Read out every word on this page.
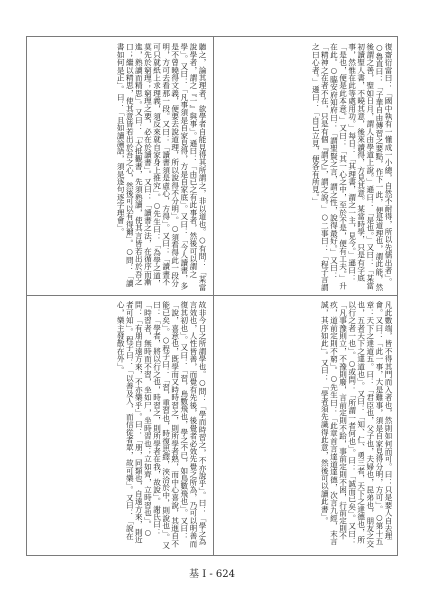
復齋衍當曰：「國中執有一懂成一小總，自然不耐得，所以先儒出者」。○魯直曰：「子華自由傳習之要點，作下一此，便是道理也，謂此能，然後謂之善，聖如日月，謂人由學道上說。」遜曰：「是也。」又曰：「某當初讀聖人書，不曉其意，後來讀得，方見其意。某當時學，只是有字底事，然惟在此等處用功。」每日：「其理書，謂之一主，見今。」遜曰：「是也，便是此本意。」又曰：「其一心之中，至於不是，便有工夫。」升在此。○臨安府知府曰：「謂聖賢之言，謂之性，說得最好。」又曰：「精神之在者不在，只是有個『謂之』，謂之說。」○二事曰：「程子言謂之曰心者。」遜曰：「自己立見，便各有所見。」
聽之，論其理者，欲學者自能見得其所謂之，非以道也。○有問：「某當說學者，謂之『一』與事」。遜曰：「由已之有此事者，然後可以謂之學」。又曰：「凡事須是自家見得，方是自家底」。又曰：「今人讀書，多是不曾曉得文義，便要去說道理，所以說得不分明」。○須看得此一段分明，方可去看那一段。又曰：「讀書須是虛心，方得」。又曰：「讀書不可只就紙上求理義，須反來就自家身上推究」。○先生曰：「為學之道，莫先於窮理；窮理之要，必在於讀書」。又曰：「讀書之法，在循序而漸進，熟讀而精思」。又曰：「大抵觀書，先須熟讀，使其言皆若出於吾之口；繼以精思，使其意皆若出於吾之心，然後可以有得爾」。○問：「讀書如何是正」。曰：「且如讀論語，須是逐句逐字理會」。
凡此數端，皆不得其門而入者也，然則如何而可。曰：只是要人自去理會。又曰：「此一事，大是難事，須是自家見得分明，方可」。○第十五章：天下之達道五。曰：「君臣也，父子也，夫婦也，昆弟也，朋友之交也，五者天下之達道也」。又曰：「知、仁、勇三者，天下之達德也，所以行之者一也」。○或問：「所謂一者何也」。曰：「誠而已矣」。又曰：「凡事豫則立，不豫則廢，言前定則不跲，事前定則不困，行前定則不疚，道前定則不窮」。○先生曰：「此章首言達道達德，次言九經，末言誠，其序如此」。又曰：「學者須先識得此意，然後可以讀此書」。
故非今日之所謂學也。○問：「學而時習之，不亦說乎」。曰：「學之為言效也，人性皆善，而覺有先後，後覺者必效先覺之所為，乃可以明善而復其初也」。又曰：「習，鳥數飛也，學之不已，如鳥數飛也」。又曰：「說，喜意也，既學而又時時習之，則所學者熟，而中心喜說，其進自不能已矣」。○程子曰：「習，重習也，時復思繹，浹洽於中，則說也」。又曰：「學者，將以行之也，時習之，則所學者在我，故說」。謝氏曰：「時習者，無時而不習，坐如尸，坐時習也；立如齊，立時習也」。○問：「有朋自遠方來，不亦樂乎」。曰：「朋，同類也，自遠方來，則近者可知」。程子曰：「以善及人，而信從者眾，故可樂」。又曰：「說在心，樂主發散在外」。
基 I - 624
